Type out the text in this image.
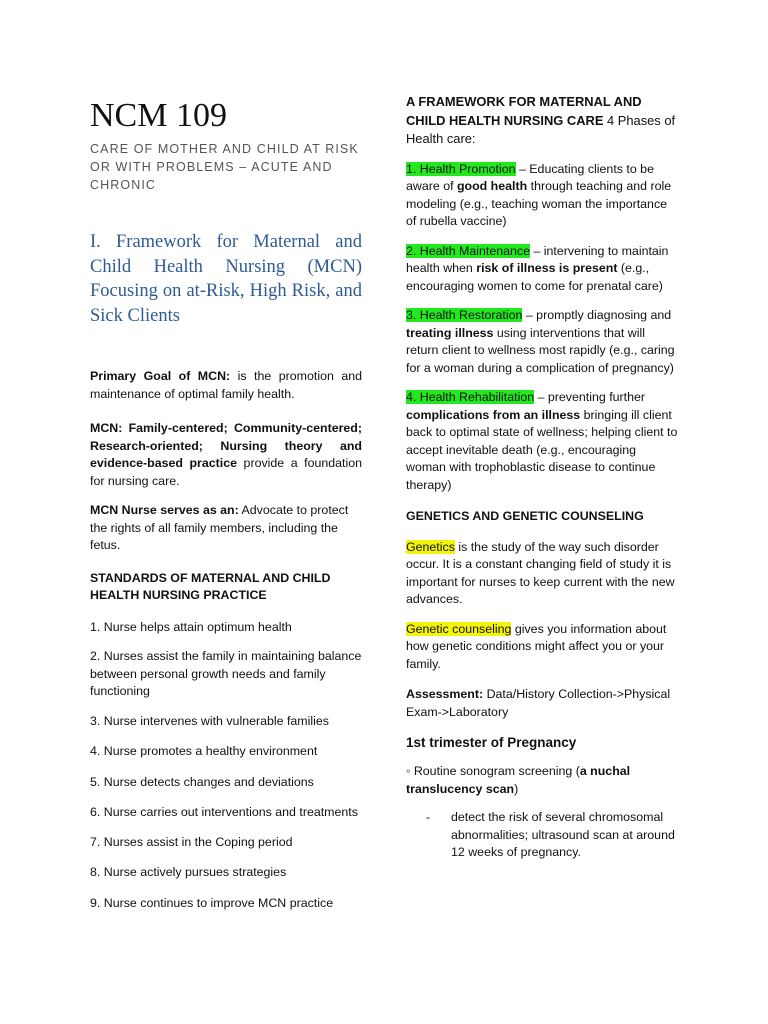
NCM 109

CARE OF MOTHER AND CHILD AT RISK OR WITH PROBLEMS – ACUTE AND CHRONIC

I. Framework for Maternal and Child Health Nursing (MCN) Focusing on at-Risk, High Risk, and Sick Clients

Primary Goal of MCN: is the promotion and maintenance of optimal family health.

MCN: Family-centered; Community-centered; Research-oriented; Nursing theory and evidence-based practice provide a foundation for nursing care.

MCN Nurse serves as an: Advocate to protect the rights of all family members, including the fetus.

STANDARDS OF MATERNAL AND CHILD HEALTH NURSING PRACTICE

1. Nurse helps attain optimum health

2. Nurses assist the family in maintaining balance between personal growth needs and family functioning

3. Nurse intervenes with vulnerable families

4. Nurse promotes a healthy environment

5. Nurse detects changes and deviations

6. Nurse carries out interventions and treatments

7. Nurses assist in the Coping period

8. Nurse actively pursues strategies

9. Nurse continues to improve MCN practice

A FRAMEWORK FOR MATERNAL AND CHILD HEALTH NURSING CARE 4 Phases of Health care:

1. Health Promotion – Educating clients to be aware of good health through teaching and role modeling (e.g., teaching woman the importance of rubella vaccine)

2. Health Maintenance – intervening to maintain health when risk of illness is present (e.g., encouraging women to come for prenatal care)

3. Health Restoration – promptly diagnosing and treating illness using interventions that will return client to wellness most rapidly (e.g., caring for a woman during a complication of pregnancy)

4. Health Rehabilitation – preventing further complications from an illness bringing ill client back to optimal state of wellness; helping client to accept inevitable death (e.g., encouraging woman with trophoblastic disease to continue therapy)

GENETICS AND GENETIC COUNSELING

Genetics is the study of the way such disorder occur. It is a constant changing field of study it is important for nurses to keep current with the new advances.

Genetic counseling gives you information about how genetic conditions might affect you or your family.

Assessment: Data/History Collection->Physical Exam->Laboratory

1st trimester of Pregnancy

◦ Routine sonogram screening (a nuchal translucency scan)

- detect the risk of several chromosomal abnormalities; ultrasound scan at around 12 weeks of pregnancy.
